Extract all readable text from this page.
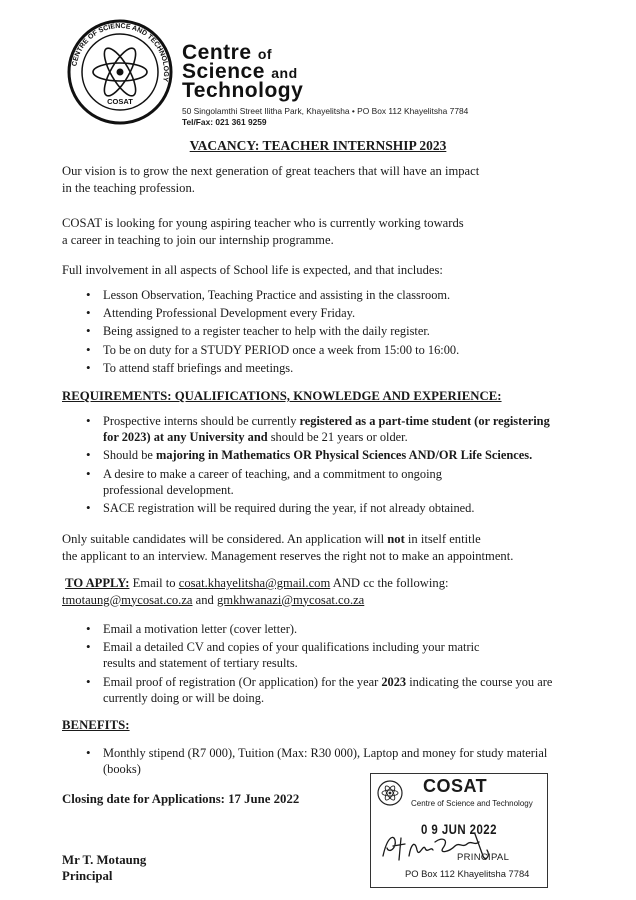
CENTRE OF SCIENCE AND TECHNOLOGY
COSAT
Centre of
Science and
Technology
50 Singolamthi Street Ilitha Park, Khayelitsha • PO Box 112 Khayelitsha 7784
Tel/Fax: 021 361 9259
VACANCY: TEACHER INTERNSHIP 2023
Our vision is to grow the next generation of great teachers that will have an impact
in the teaching profession.
COSAT is looking for young aspiring teacher who is currently working towards
a career in teaching to join our internship programme.
Full involvement in all aspects of School life is expected, and that includes:
• Lesson Observation, Teaching Practice and assisting in the classroom.
• Attending Professional Development every Friday.
• Being assigned to a register teacher to help with the daily register.
• To be on duty for a STUDY PERIOD once a week from 15:00 to 16:00.
• To attend staff briefings and meetings.
REQUIREMENTS: QUALIFICATIONS, KNOWLEDGE AND EXPERIENCE:
• Prospective interns should be currently registered as a part-time student (or registering
for 2023) at any University and should be 21 years or older.
• Should be majoring in Mathematics OR Physical Sciences AND/OR Life Sciences.
• A desire to make a career of teaching, and a commitment to ongoing
professional development.
• SACE registration will be required during the year, if not already obtained.
Only suitable candidates will be considered. An application will not in itself entitle
the applicant to an interview. Management reserves the right not to make an appointment.
TO APPLY: Email to cosat.khayelitsha@gmail.com AND cc the following:
tmotaung@mycosat.co.za and gmkhwanazi@mycosat.co.za
• Email a motivation letter (cover letter).
• Email a detailed CV and copies of your qualifications including your matric
results and statement of tertiary results.
• Email proof of registration (Or application) for the year 2023 indicating the course you are
currently doing or will be doing.
BENEFITS:
• Monthly stipend (R7 000), Tuition (Max: R30 000), Laptop and money for study material
(books)
Closing date for Applications: 17 June 2022
Mr T. Motaung
Principal
COSAT
Centre of Science and Technology
0 9 JUN 2022
PRINCIPAL
PO Box 112 Khayelitsha 7784
